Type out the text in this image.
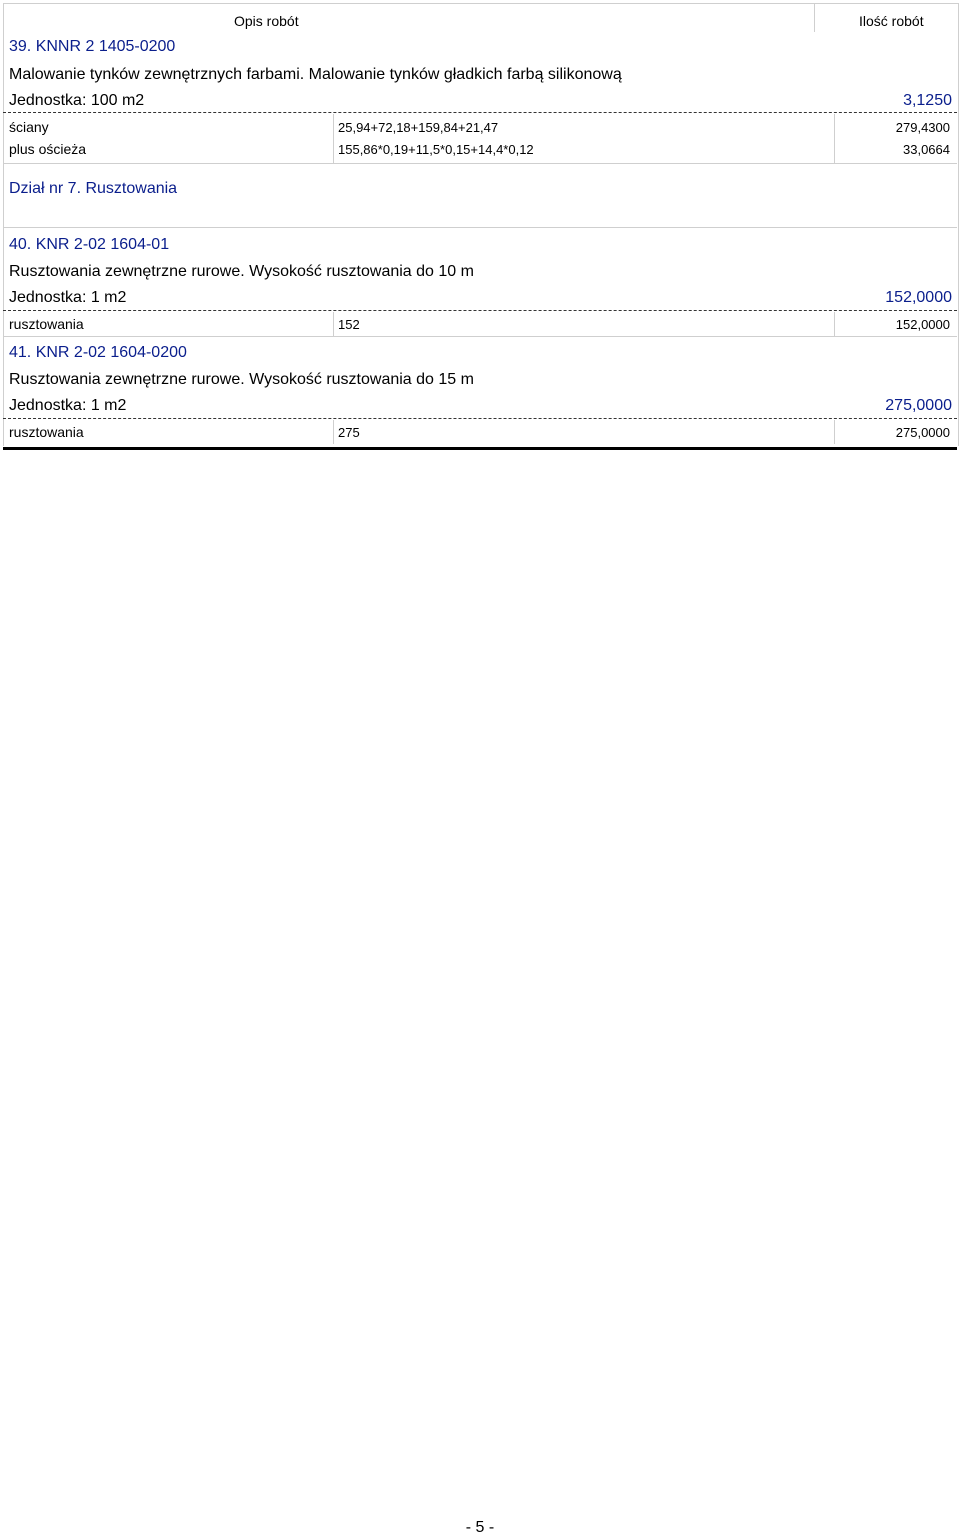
Opis robót	Ilość robót
39. KNNR 2 1405-0200
Malowanie tynków zewnętrznych farbami. Malowanie tynków gładkich farbą silikonową
Jednostka: 100 m2	3,1250
ściany	25,94+72,18+159,84+21,47	279,4300
plus ościeża	155,86*0,19+11,5*0,15+14,4*0,12	33,0664
Dział nr 7. Rusztowania
40. KNR 2-02 1604-01
Rusztowania zewnętrzne rurowe. Wysokość rusztowania do 10 m
Jednostka: 1 m2	152,0000
rusztowania	152	152,0000
41. KNR 2-02 1604-0200
Rusztowania zewnętrzne rurowe. Wysokość rusztowania do 15 m
Jednostka: 1 m2	275,0000
rusztowania	275	275,0000
- 5 -
